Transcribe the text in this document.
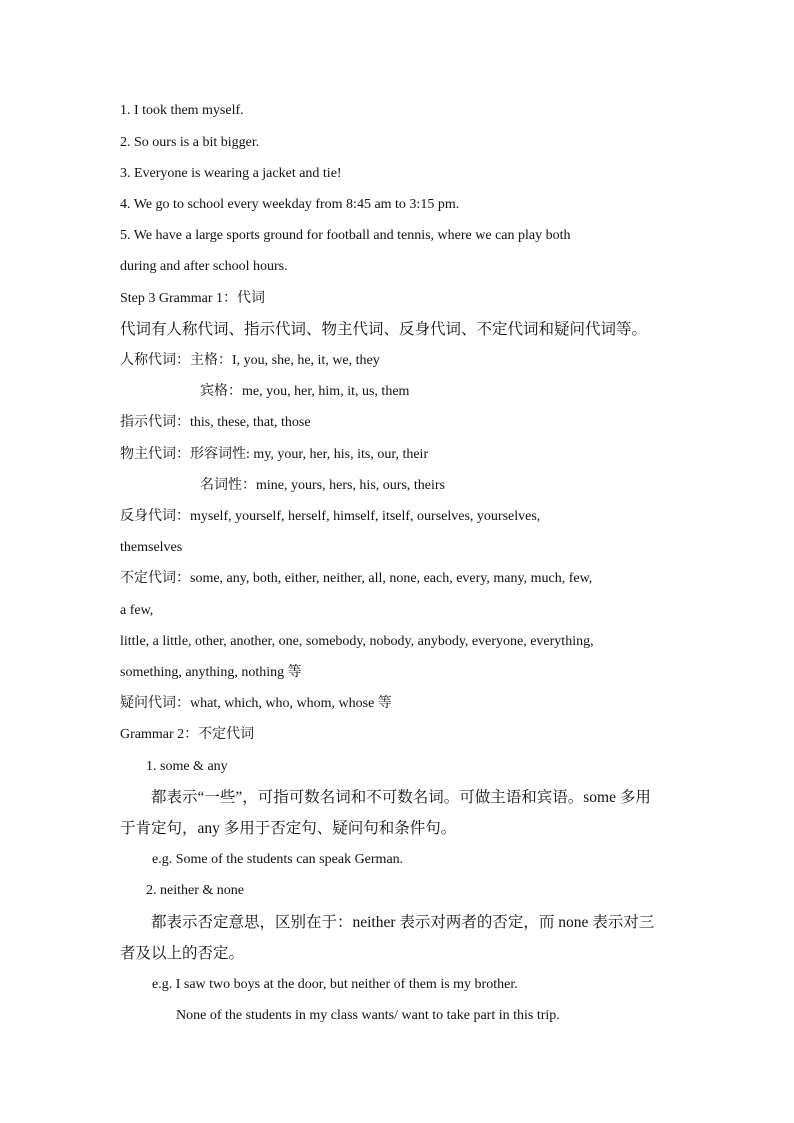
1. I took them myself.
2. So ours is a bit bigger.
3. Everyone is wearing a jacket and tie!
4. We go to school every weekday from 8:45 am to 3:15 pm.
5. We have a large sports ground for football and tennis, where we can play both
during and after school hours.
Step 3 Grammar 1：代词
代词有人称代词、指示代词、物主代词、反身代词、不定代词和疑问代词等。
人称代词：主格：I, you, she, he, it, we, they
宾格：me, you, her, him, it, us, them
指示代词：this, these, that, those
物主代词：形容词性: my, your, her, his, its, our, their
名词性：mine, yours, hers, his, ours, theirs
反身代词：myself, yourself, herself, himself, itself, ourselves, yourselves,
themselves
不定代词：some, any, both, either, neither, all, none, each, every, many, much, few,
a few,
little, a little, other, another, one, somebody, nobody, anybody, everyone, everything,
something, anything, nothing 等
疑问代词：what, which, who, whom, whose 等
Grammar 2：不定代词
1. some & any
都表示“一些”，可指可数名词和不可数名词。可做主语和宾语。some 多用
于肯定句，any 多用于否定句、疑问句和条件句。
e.g. Some of the students can speak German.
2. neither & none
都表示否定意思，区别在于：neither 表示对两者的否定，而 none 表示对三
者及以上的否定。
e.g. I saw two boys at the door, but neither of them is my brother.
None of the students in my class wants/ want to take part in this trip.
